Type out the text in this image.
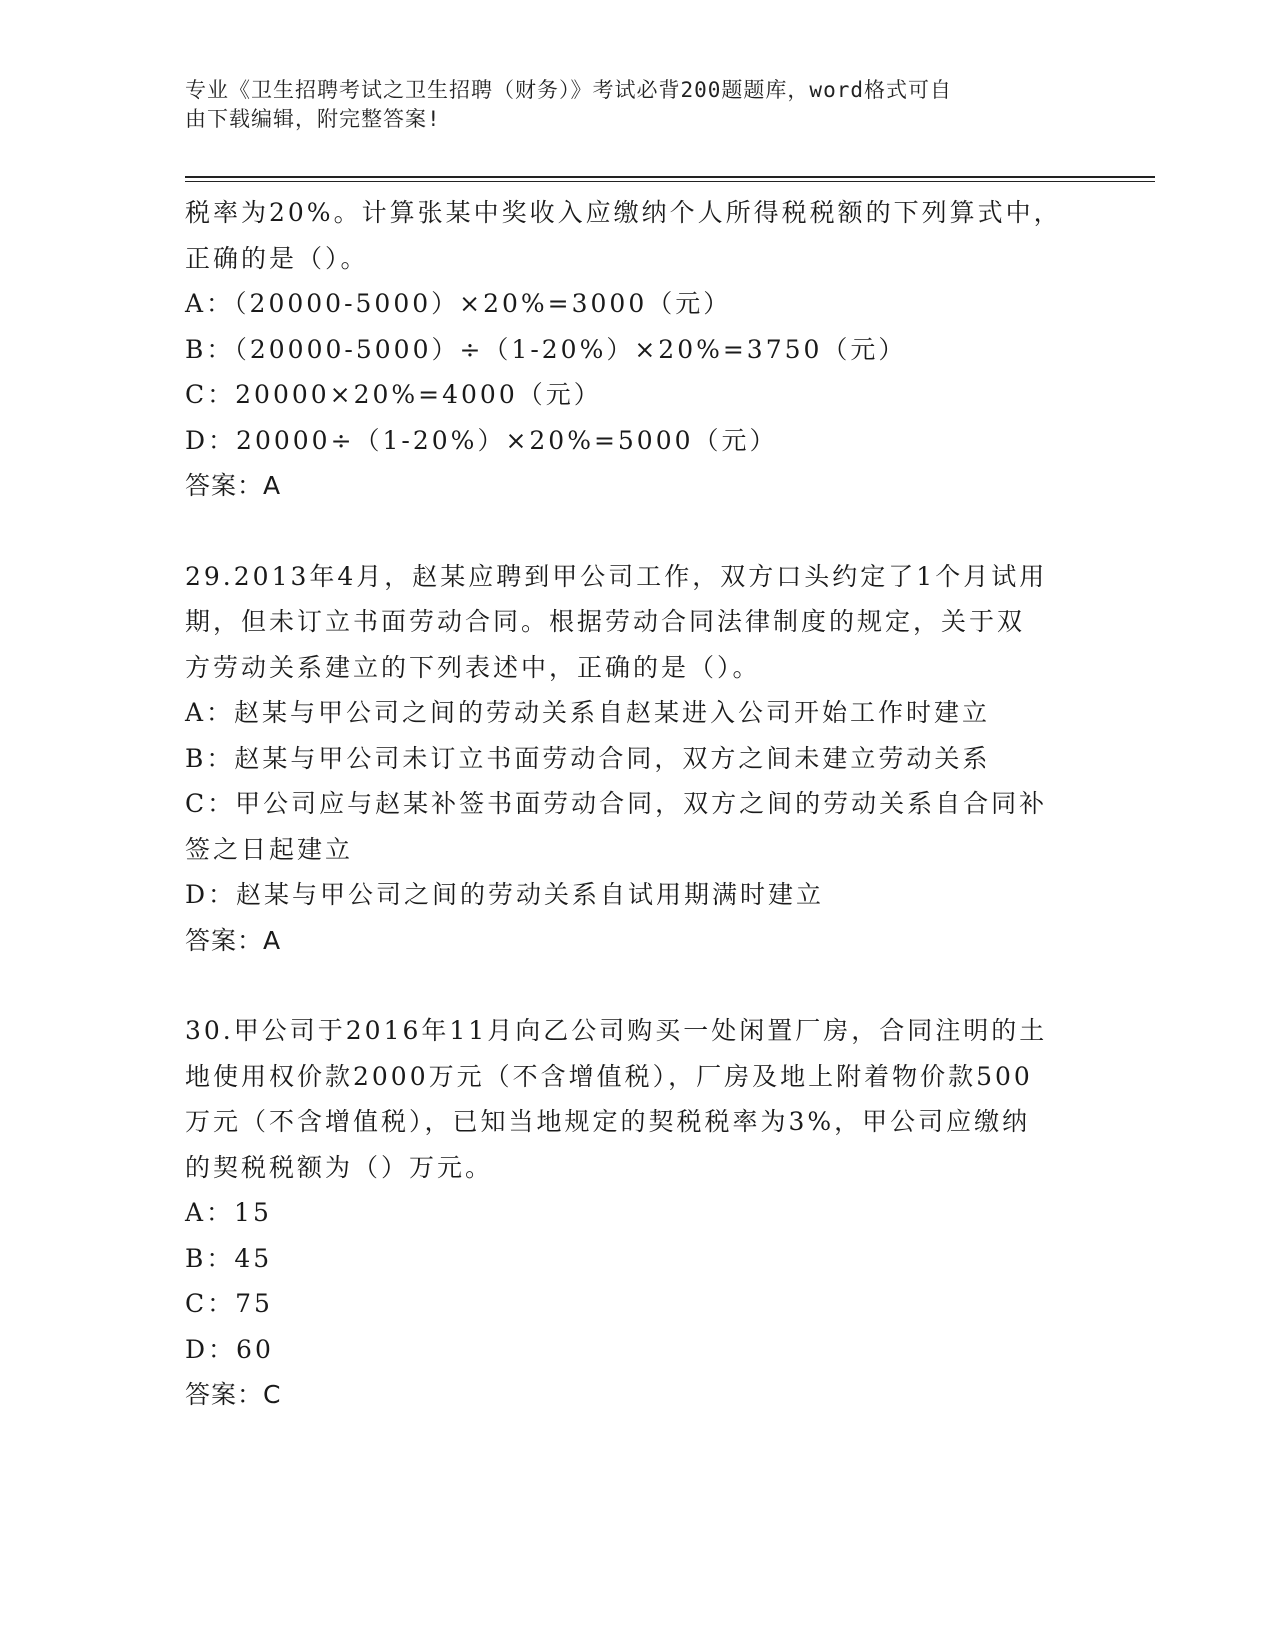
专业《卫生招聘考试之卫生招聘（财务）》考试必背200题题库，word格式可自
由下载编辑，附完整答案!

税率为20%。计算张某中奖收入应缴纳个人所得税税额的下列算式中，

正确的是（）。

A：（20000-5000）×20%=3000（元）

B：（20000-5000）÷（1-20%）×20%=3750（元）

C：20000×20%=4000（元）

D：20000÷（1-20%）×20%=5000（元）

答案：A

29.2013年4月，赵某应聘到甲公司工作，双方口头约定了1个月试用

期，但未订立书面劳动合同。根据劳动合同法律制度的规定，关于双

方劳动关系建立的下列表述中，正确的是（）。

A：赵某与甲公司之间的劳动关系自赵某进入公司开始工作时建立

B：赵某与甲公司未订立书面劳动合同，双方之间未建立劳动关系

C：甲公司应与赵某补签书面劳动合同，双方之间的劳动关系自合同补

签之日起建立

D：赵某与甲公司之间的劳动关系自试用期满时建立

答案：A

30.甲公司于2016年11月向乙公司购买一处闲置厂房，合同注明的土

地使用权价款2000万元（不含增值税），厂房及地上附着物价款500

万元（不含增值税），已知当地规定的契税税率为3%，甲公司应缴纳

的契税税额为（）万元。

A：15

B：45

C：75

D：60

答案：C
